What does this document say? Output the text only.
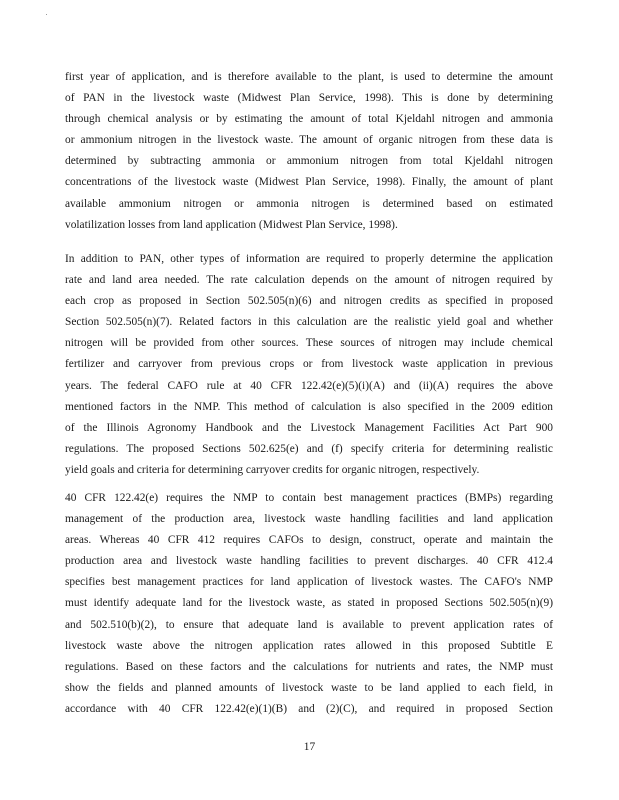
first year of application, and is therefore available to the plant, is used to determine the amount
of PAN in the livestock waste (Midwest Plan Service, 1998). This is done by determining
through chemical analysis or by estimating the amount of total Kjeldahl nitrogen and ammonia
or ammonium nitrogen in the livestock waste. The amount of organic nitrogen from these data is
determined by subtracting ammonia or ammonium nitrogen from total Kjeldahl nitrogen
concentrations of the livestock waste (Midwest Plan Service, 1998). Finally, the amount of plant
available ammonium nitrogen or ammonia nitrogen is determined based on estimated
volatilization losses from land application (Midwest Plan Service, 1998).
In addition to PAN, other types of information are required to properly determine the application
rate and land area needed. The rate calculation depends on the amount of nitrogen required by
each crop as proposed in Section 502.505(n)(6) and nitrogen credits as specified in proposed
Section 502.505(n)(7). Related factors in this calculation are the realistic yield goal and whether
nitrogen will be provided from other sources. These sources of nitrogen may include chemical
fertilizer and carryover from previous crops or from livestock waste application in previous
years. The federal CAFO rule at 40 CFR 122.42(e)(5)(i)(A) and (ii)(A) requires the above
mentioned factors in the NMP. This method of calculation is also specified in the 2009 edition
of the Illinois Agronomy Handbook and the Livestock Management Facilities Act Part 900
regulations. The proposed Sections 502.625(e) and (f) specify criteria for determining realistic
yield goals and criteria for determining carryover credits for organic nitrogen, respectively.
40 CFR 122.42(e) requires the NMP to contain best management practices (BMPs) regarding
management of the production area, livestock waste handling facilities and land application
areas. Whereas 40 CFR 412 requires CAFOs to design, construct, operate and maintain the
production area and livestock waste handling facilities to prevent discharges. 40 CFR 412.4
specifies best management practices for land application of livestock wastes. The CAFO's NMP
must identify adequate land for the livestock waste, as stated in proposed Sections 502.505(n)(9)
and 502.510(b)(2), to ensure that adequate land is available to prevent application rates of
livestock waste above the nitrogen application rates allowed in this proposed Subtitle E
regulations. Based on these factors and the calculations for nutrients and rates, the NMP must
show the fields and planned amounts of livestock waste to be land applied to each field, in
accordance with 40 CFR 122.42(e)(1)(B) and (2)(C), and required in proposed Section
17
